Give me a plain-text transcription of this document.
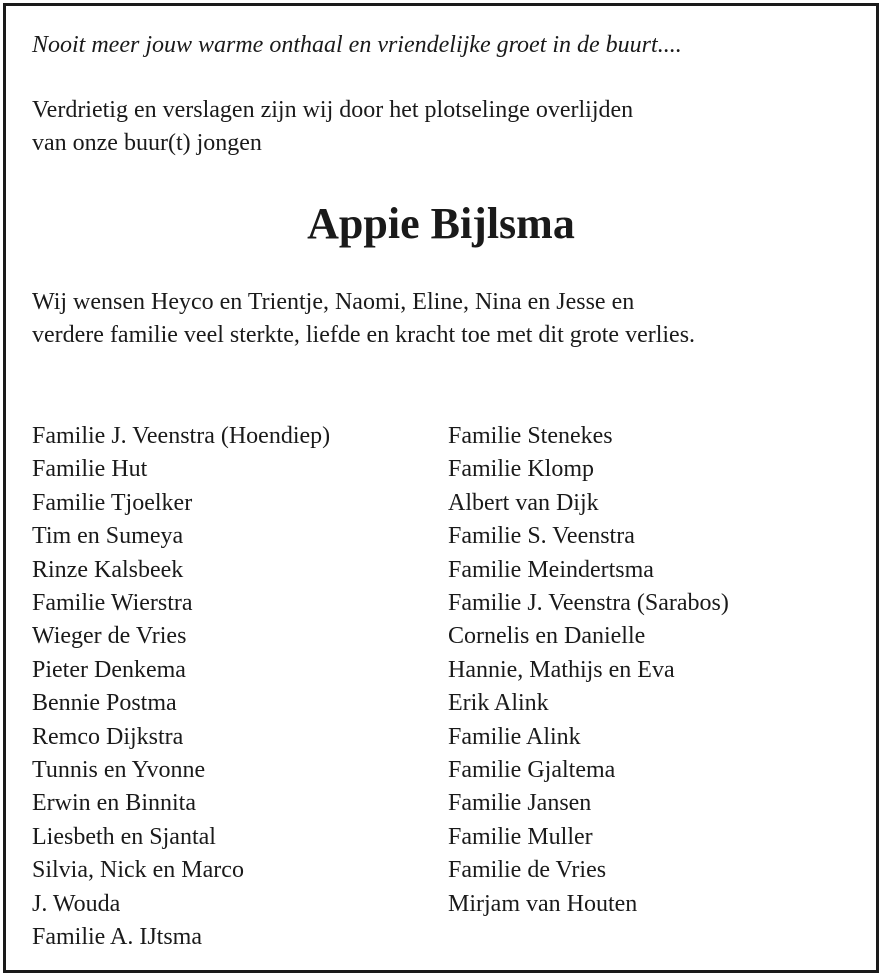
Nooit meer jouw warme onthaal en vriendelijke groet in de buurt....
Verdrietig en verslagen zijn wij door het plotselinge overlijden
van onze buur(t) jongen
Appie Bijlsma
Wij wensen Heyco en Trientje, Naomi, Eline, Nina en Jesse en
verdere familie veel sterkte, liefde en kracht toe met dit grote verlies.
Familie J. Veenstra (Hoendiep)
Familie Hut
Familie Tjoelker
Tim en Sumeya
Rinze Kalsbeek
Familie Wierstra
Wieger de Vries
Pieter Denkema
Bennie Postma
Remco Dijkstra
Tunnis en Yvonne
Erwin en Binnita
Liesbeth en Sjantal
Silvia, Nick en Marco
J. Wouda
Familie A. IJtsma
Familie Stenekes
Familie Klomp
Albert van Dijk
Familie S. Veenstra
Familie Meindertsma
Familie J. Veenstra (Sarabos)
Cornelis en Danielle
Hannie, Mathijs en Eva
Erik Alink
Familie Alink
Familie Gjaltema
Familie Jansen
Familie Muller
Familie de Vries
Mirjam van Houten
